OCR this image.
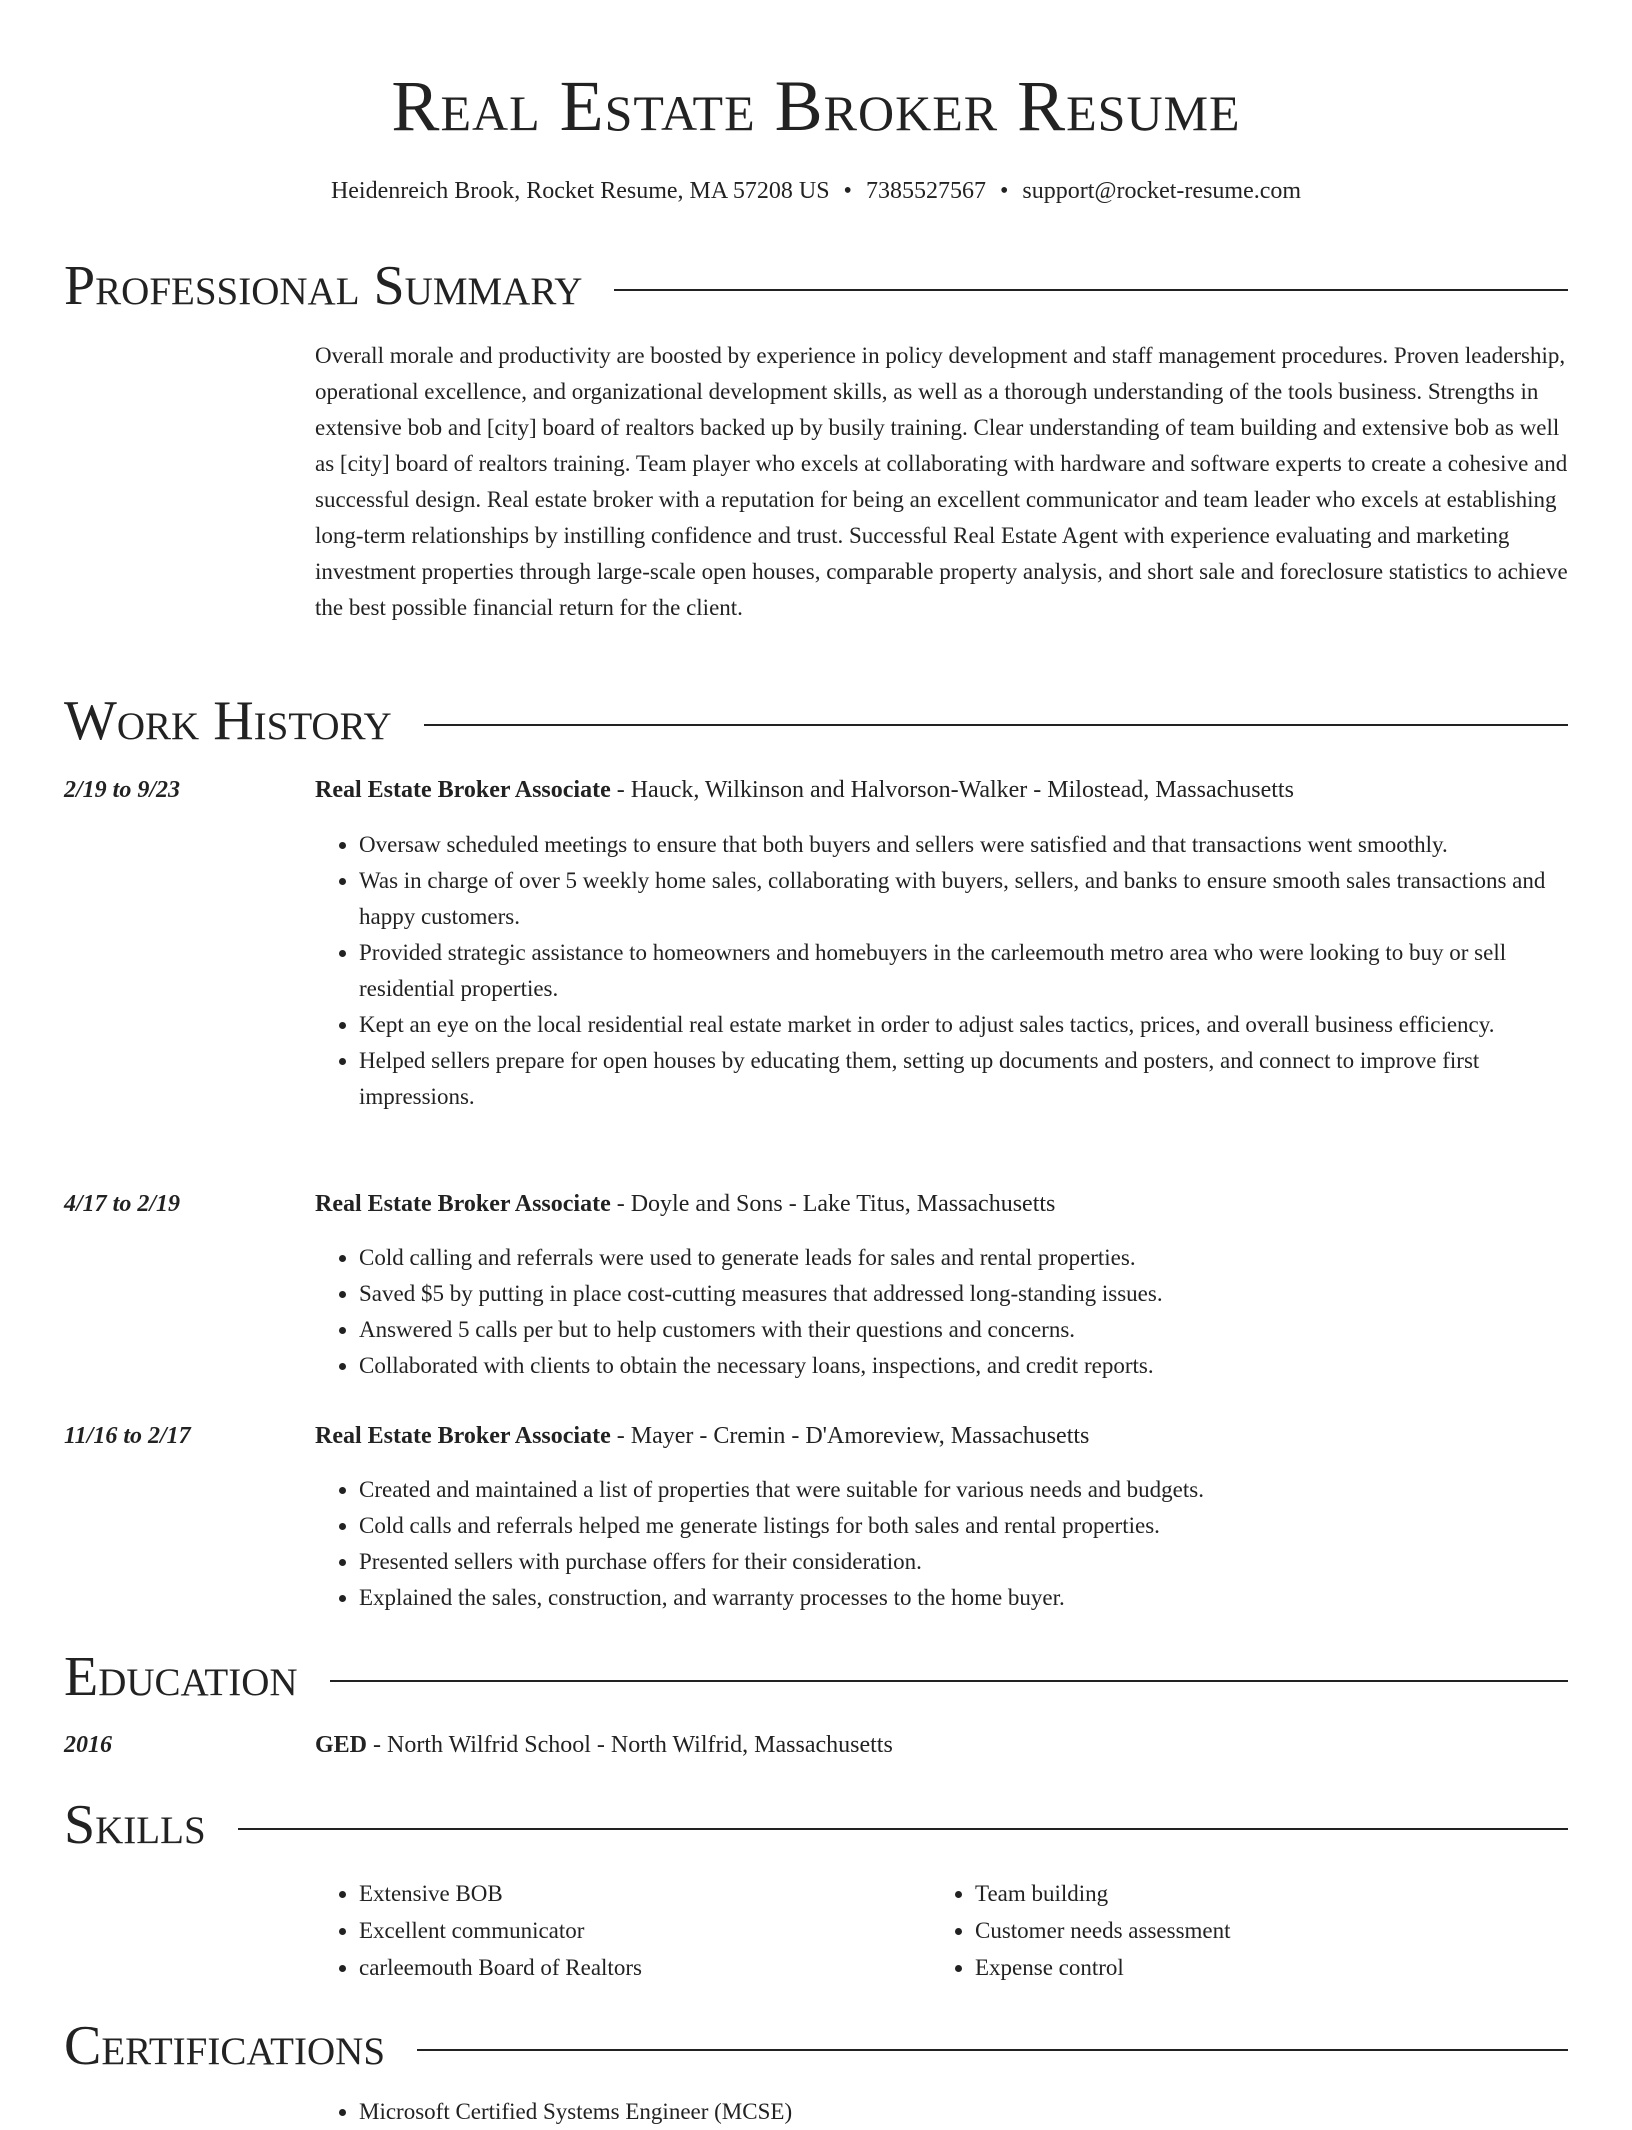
Real Estate Broker Resume
Heidenreich Brook, Rocket Resume, MA 57208 US • 7385527567 • support@rocket-resume.com
Professional Summary
Overall morale and productivity are boosted by experience in policy development and staff management procedures. Proven leadership, operational excellence, and organizational development skills, as well as a thorough understanding of the tools business. Strengths in extensive bob and [city] board of realtors backed up by busily training. Clear understanding of team building and extensive bob as well as [city] board of realtors training. Team player who excels at collaborating with hardware and software experts to create a cohesive and successful design. Real estate broker with a reputation for being an excellent communicator and team leader who excels at establishing long-term relationships by instilling confidence and trust. Successful Real Estate Agent with experience evaluating and marketing investment properties through large-scale open houses, comparable property analysis, and short sale and foreclosure statistics to achieve the best possible financial return for the client.
Work History
2/19 to 9/23	Real Estate Broker Associate - Hauck, Wilkinson and Halvorson-Walker - Milostead, Massachusetts
• Oversaw scheduled meetings to ensure that both buyers and sellers were satisfied and that transactions went smoothly.
• Was in charge of over 5 weekly home sales, collaborating with buyers, sellers, and banks to ensure smooth sales transactions and happy customers.
• Provided strategic assistance to homeowners and homebuyers in the carleemouth metro area who were looking to buy or sell residential properties.
• Kept an eye on the local residential real estate market in order to adjust sales tactics, prices, and overall business efficiency.
• Helped sellers prepare for open houses by educating them, setting up documents and posters, and connect to improve first impressions.
4/17 to 2/19	Real Estate Broker Associate - Doyle and Sons - Lake Titus, Massachusetts
• Cold calling and referrals were used to generate leads for sales and rental properties.
• Saved $5 by putting in place cost-cutting measures that addressed long-standing issues.
• Answered 5 calls per but to help customers with their questions and concerns.
• Collaborated with clients to obtain the necessary loans, inspections, and credit reports.
11/16 to 2/17	Real Estate Broker Associate - Mayer - Cremin - D'Amoreview, Massachusetts
• Created and maintained a list of properties that were suitable for various needs and budgets.
• Cold calls and referrals helped me generate listings for both sales and rental properties.
• Presented sellers with purchase offers for their consideration.
• Explained the sales, construction, and warranty processes to the home buyer.
Education
2016	GED - North Wilfrid School - North Wilfrid, Massachusetts
Skills
• Extensive BOB
• Excellent communicator
• carleemouth Board of Realtors
• Team building
• Customer needs assessment
• Expense control
Certifications
• Microsoft Certified Systems Engineer (MCSE)
